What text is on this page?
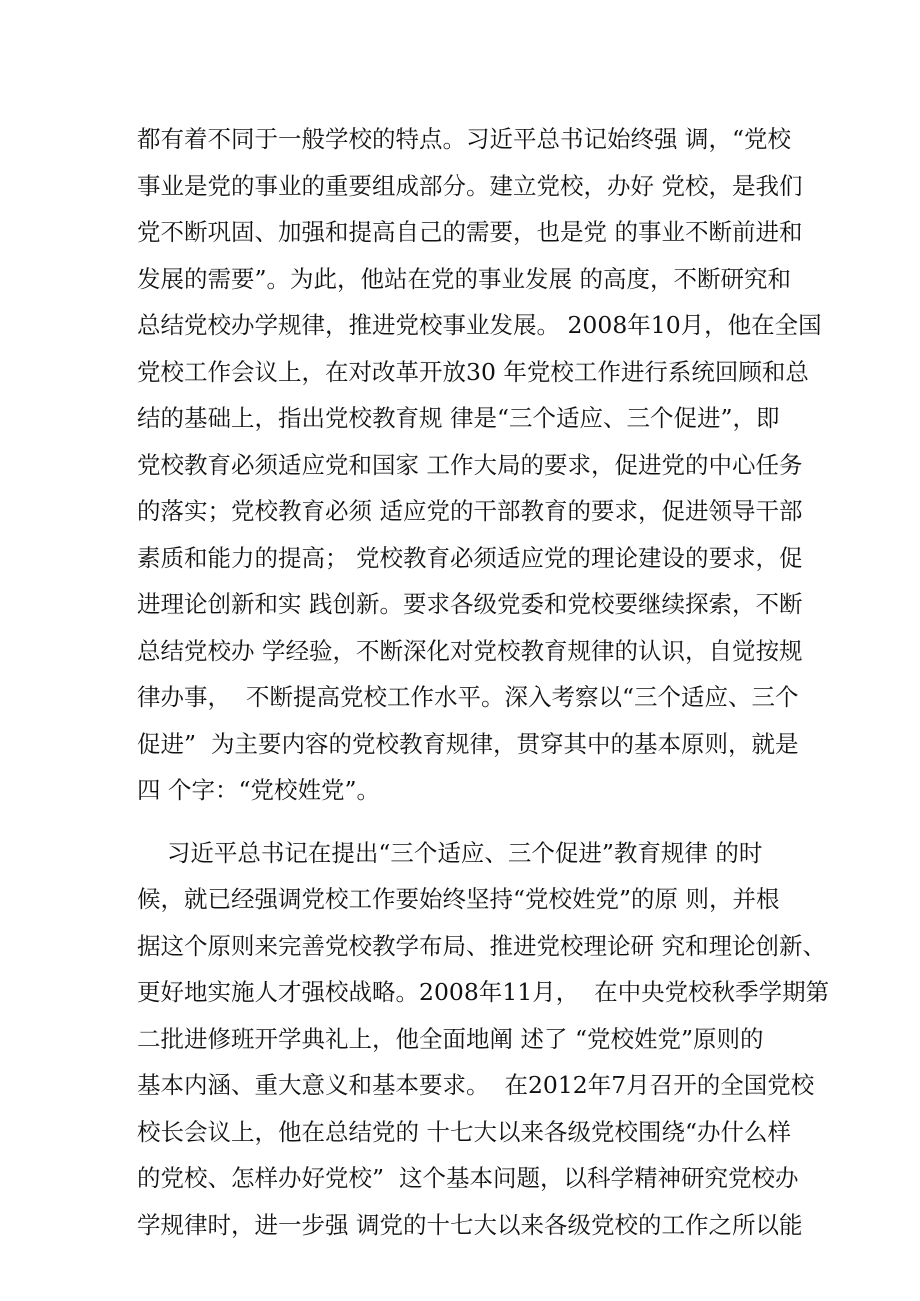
都有着不同于一般学校的特点。习近平总书记始终强 调，“党校
事业是党的事业的重要组成部分。建立党校，办好 党校，是我们
党不断巩固、加强和提高自己的需要，也是党 的事业不断前进和
发展的需要”。为此，他站在党的事业发展 的高度，不断研究和
总结党校办学规律，推进党校事业发展。 2008年10月，他在全国
党校工作会议上，在对改革开放30 年党校工作进行系统回顾和总
结的基础上，指出党校教育规 律是“三个适应、三个促进”，即
党校教育必须适应党和国家 工作大局的要求，促进党的中心任务
的落实；党校教育必须 适应党的干部教育的要求，促进领导干部
素质和能力的提高； 党校教育必须适应党的理论建设的要求，促
进理论创新和实 践创新。要求各级党委和党校要继续探索，不断
总结党校办 学经验，不断深化对党校教育规律的认识，自觉按规
律办事，  不断提高党校工作水平。深入考察以“三个适应、三个
促进”  为主要内容的党校教育规律，贯穿其中的基本原则，就是
四 个字：“党校姓党”。
习近平总书记在提出“三个适应、三个促进”教育规律 的时
候，就已经强调党校工作要始终坚持“党校姓党”的原 则，并根
据这个原则来完善党校教学布局、推进党校理论研 究和理论创新、
更好地实施人才强校战略。2008年11月，  在中央党校秋季学期第
二批进修班开学典礼上，他全面地阐 述了 “党校姓党”原则的
基本内涵、重大意义和基本要求。  在2012年7月召开的全国党校
校长会议上，他在总结党的 十七大以来各级党校围绕“办什么样
的党校、怎样办好党校”  这个基本问题，以科学精神研究党校办
学规律时，进一步强 调党的十七大以来各级党校的工作之所以能
